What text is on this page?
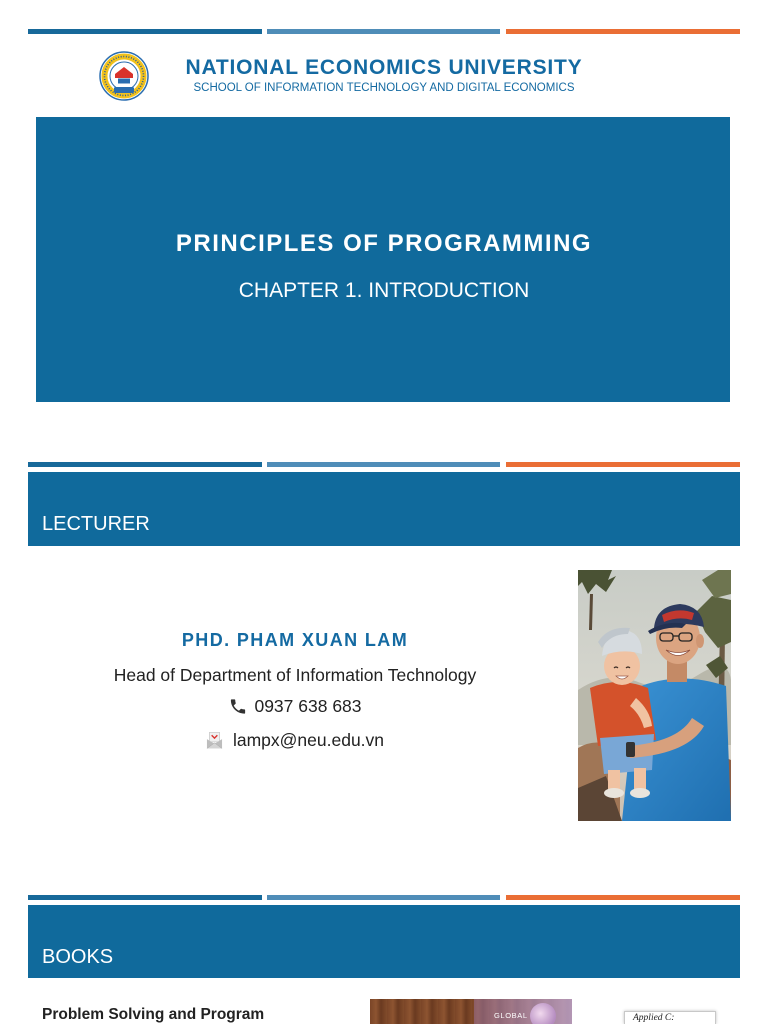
NATIONAL ECONOMICS UNIVERSITY
SCHOOL OF INFORMATION TECHNOLOGY AND DIGITAL ECONOMICS
PRINCIPLES OF PROGRAMMING
CHAPTER 1. INTRODUCTION
LECTURER
PHD. PHAM XUAN LAM
Head of Department of Information Technology
0937 638 683
lampx@neu.edu.vn
BOOKS
Problem Solving and Program	GLOBAL	Applied C:
